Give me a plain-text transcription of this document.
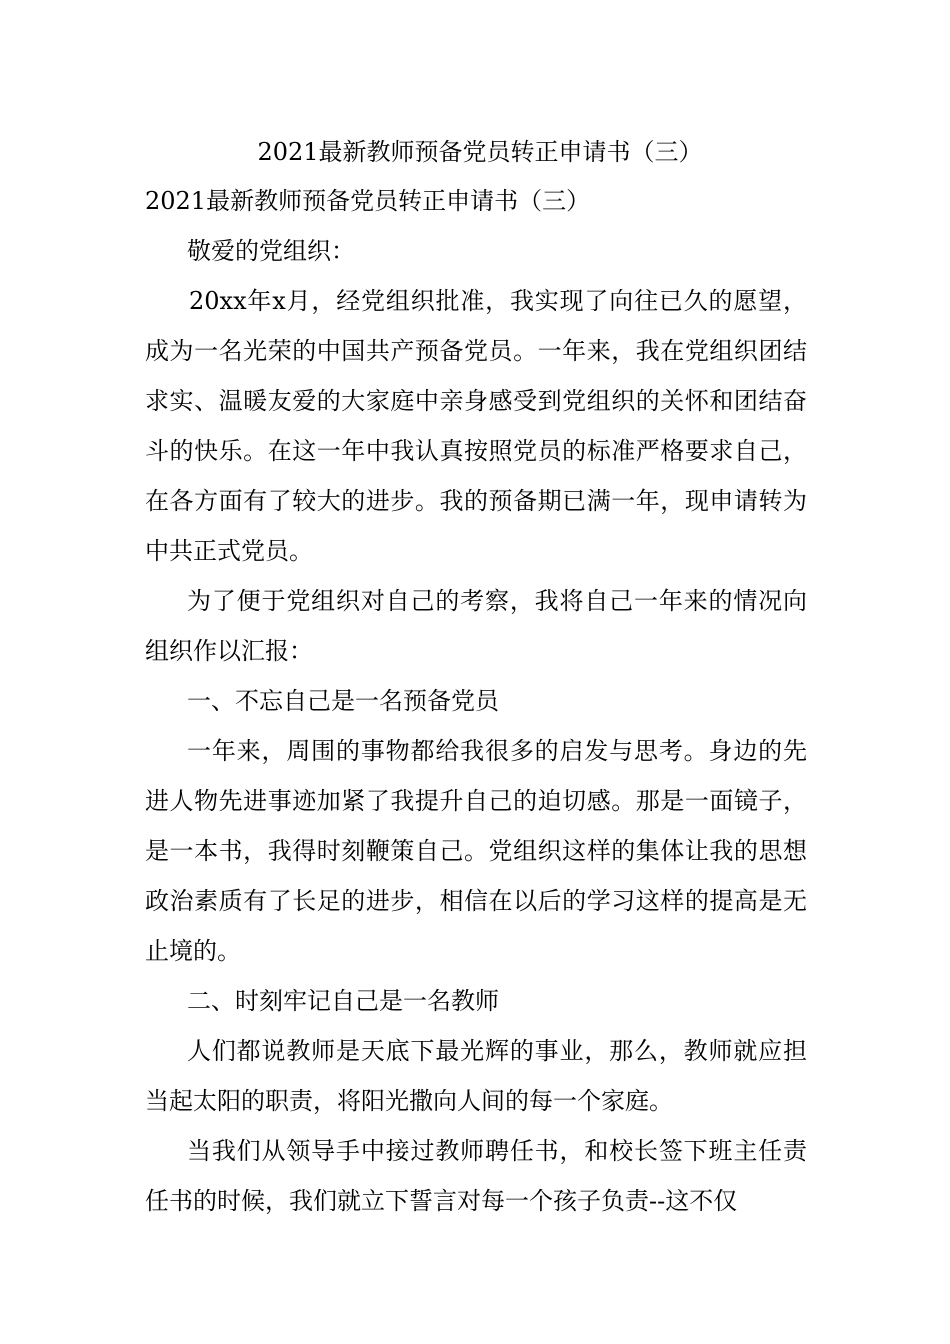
2021最新教师预备党员转正申请书（三）

2021最新教师预备党员转正申请书（三）

敬爱的党组织：

20xx年x月，经党组织批准，我实现了向往已久的愿望，成为一名光荣的中国共产预备党员。一年来，我在党组织团结求实、温暖友爱的大家庭中亲身感受到党组织的关怀和团结奋斗的快乐。在这一年中我认真按照党员的标准严格要求自己，在各方面有了较大的进步。我的预备期已满一年，现申请转为中共正式党员。

为了便于党组织对自己的考察，我将自己一年来的情况向组织作以汇报：

一、不忘自己是一名预备党员

一年来，周围的事物都给我很多的启发与思考。身边的先进人物先进事迹加紧了我提升自己的迫切感。那是一面镜子，是一本书，我得时刻鞭策自己。党组织这样的集体让我的思想政治素质有了长足的进步，相信在以后的学习这样的提高是无止境的。

二、时刻牢记自己是一名教师

人们都说教师是天底下最光辉的事业，那么，教师就应担当起太阳的职责，将阳光撒向人间的每一个家庭。

当我们从领导手中接过教师聘任书，和校长签下班主任责任书的时候，我们就立下誓言对每一个孩子负责--这不仅
